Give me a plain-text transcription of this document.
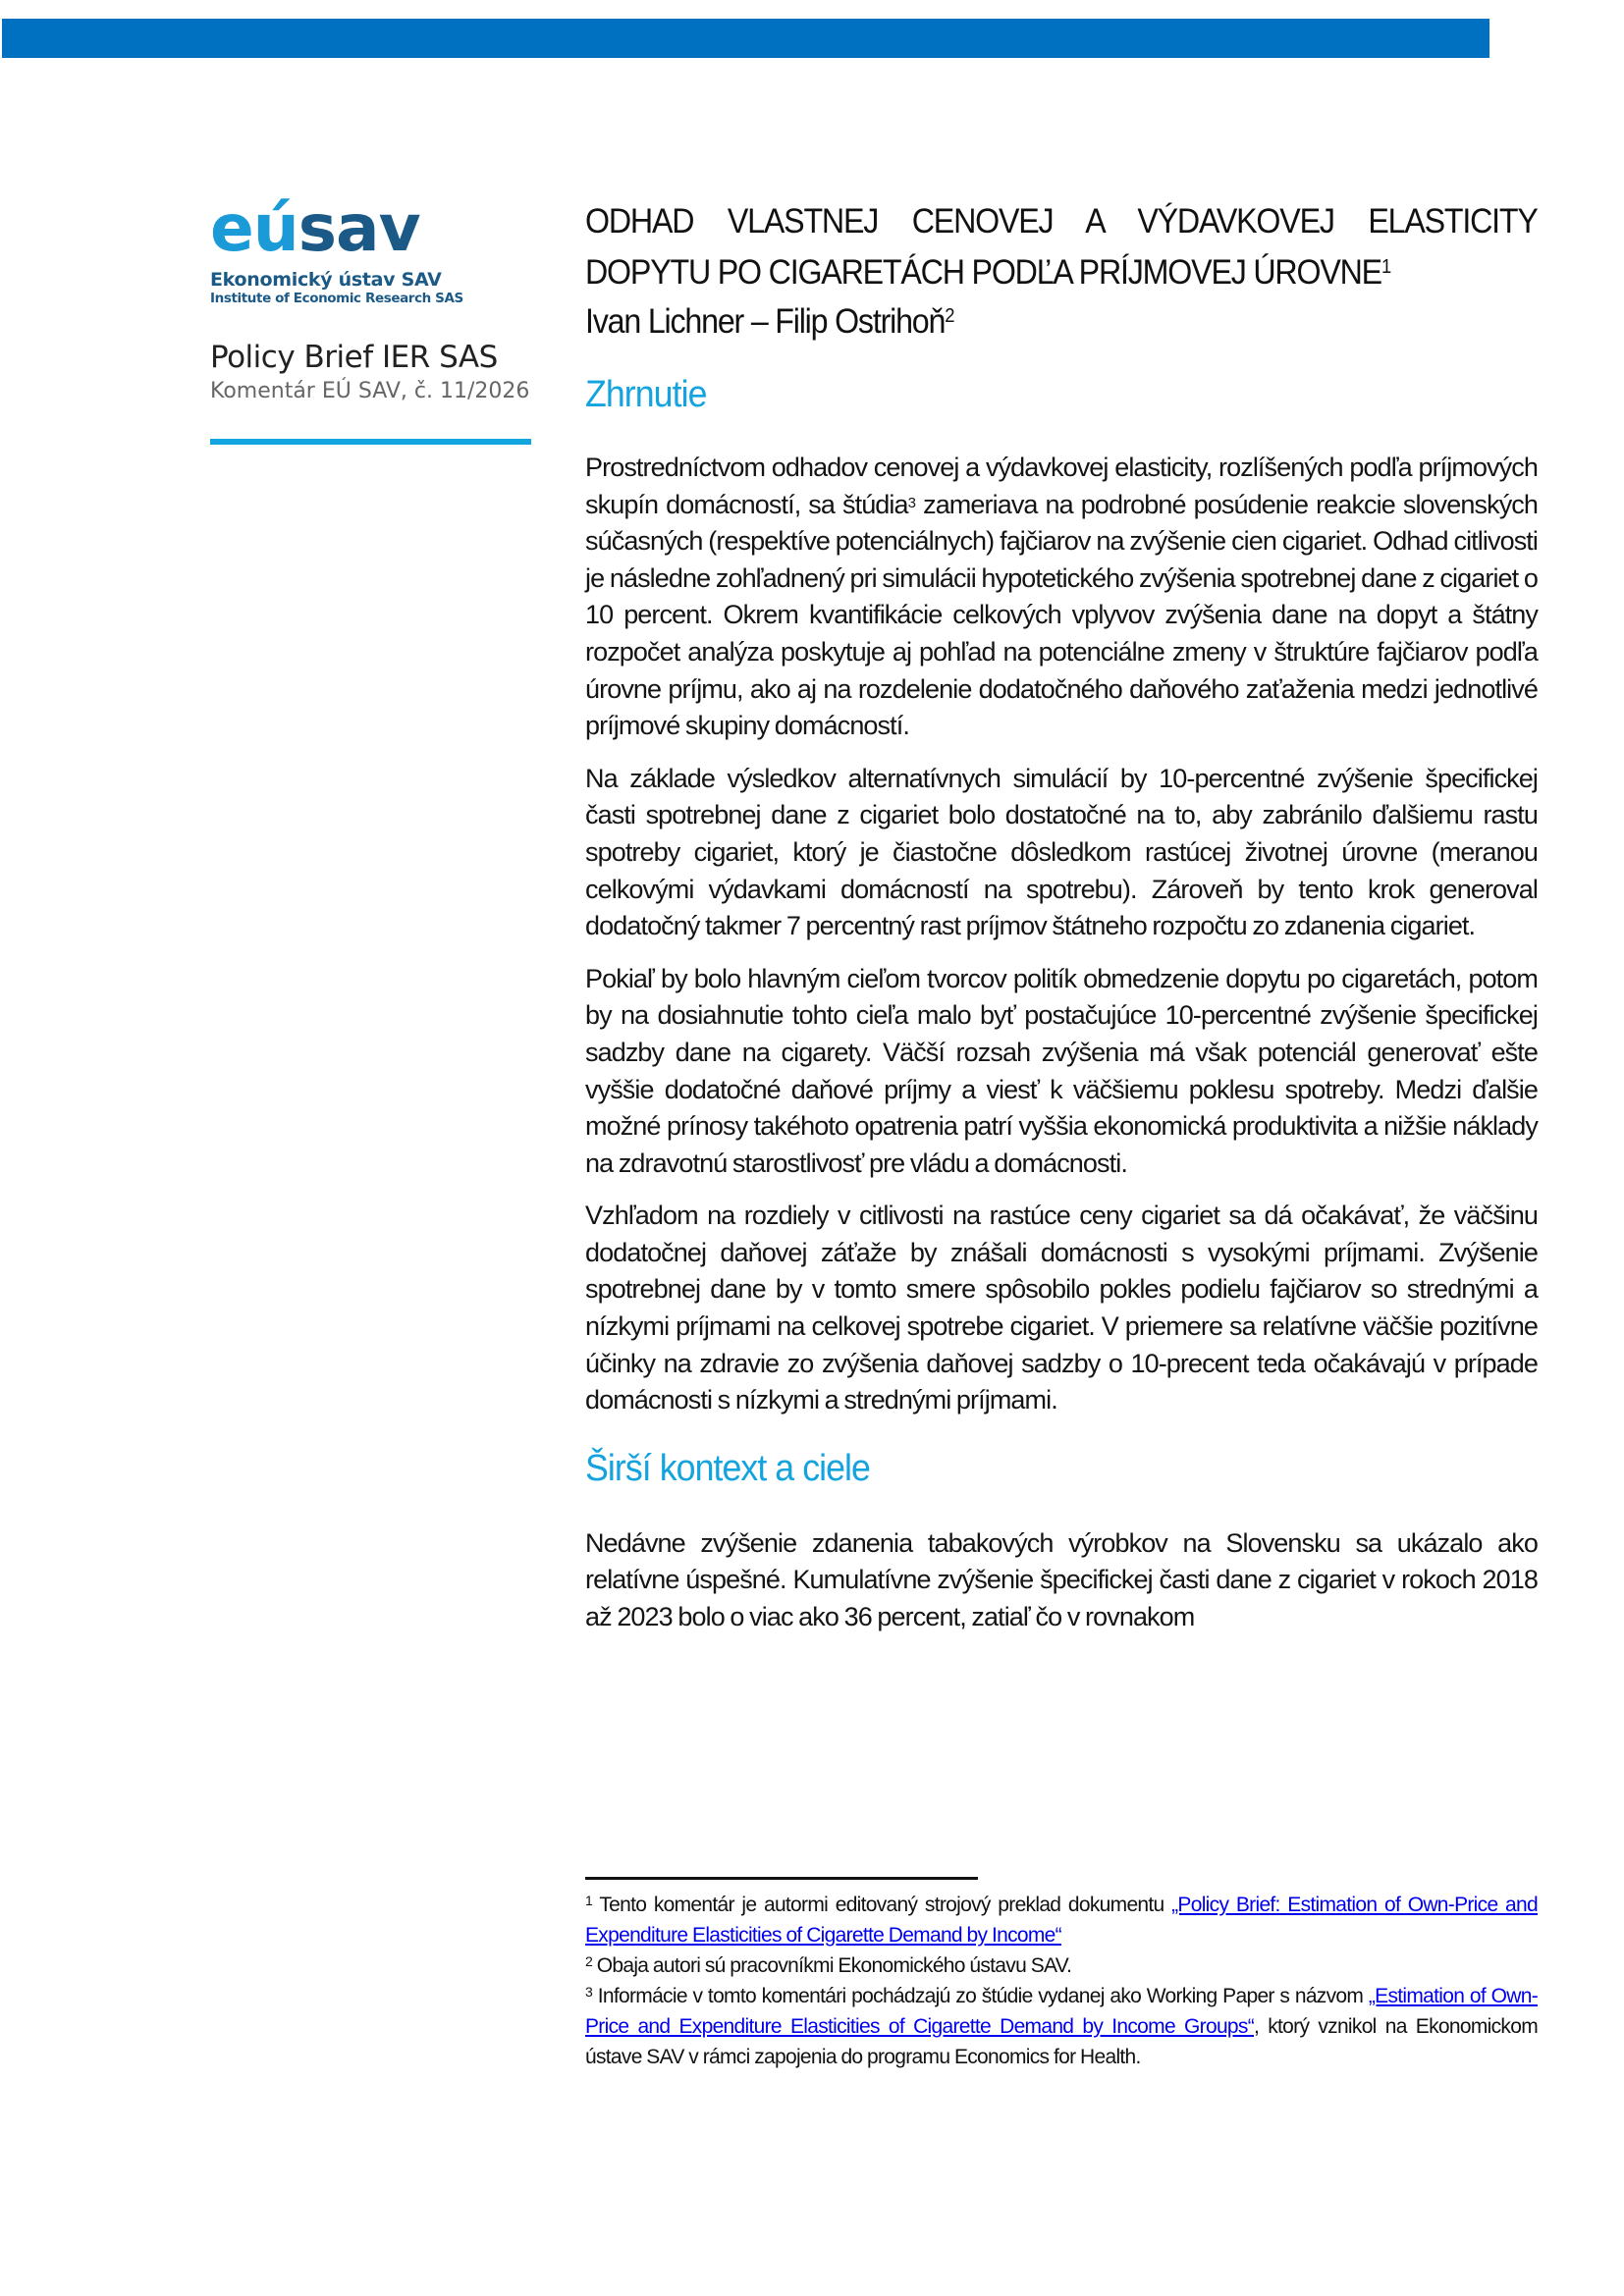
eúsav
Ekonomický ústav SAV
Institute of Economic Research SAS
Policy Brief IER SAS
Komentár EÚ SAV, č. 11/2026
ODHAD VLASTNEJ CENOVEJ A VÝDAVKOVEJ ELASTICITY
DOPYTU PO CIGARETÁCH PODĽA PRÍJMOVEJ ÚROVNE$^1$

Ivan Lichner – Filip Ostrihoň$^2$

Zhrnutie

Prostredníctvom odhadov cenovej a výdavkovej elasticity, rozlíšených podľa príjmových skupín domácností, sa štúdia$^3$ zameriava na podrobné posúdenie reakcie slovenských súčasných (respektíve potenciálnych) fajčiarov na zvýšenie cien cigariet. Odhad citlivosti je následne zohľadnený pri simulácii hypotetického zvýšenia spotrebnej dane z cigariet o 10 percent. Okrem kvantifikácie celkových vplyvov zvýšenia dane na dopyt a štátny rozpočet analýza poskytuje aj pohľad na potenciálne zmeny v štruktúre fajčiarov podľa úrovne príjmu, ako aj na rozdelenie dodatočného daňového zaťaženia medzi jednotlivé príjmové skupiny domácností.

Na základe výsledkov alternatívnych simulácií by 10-percentné zvýšenie špecifickej časti spotrebnej dane z cigariet bolo dostatočné na to, aby zabránilo ďalšiemu rastu spotreby cigariet, ktorý je čiastočne dôsledkom rastúcej životnej úrovne (meranou celkovými výdavkami domácností na spotrebu). Zároveň by tento krok generoval dodatočný takmer 7 percentný rast príjmov štátneho rozpočtu zo zdanenia cigariet.

Pokiaľ by bolo hlavným cieľom tvorcov politík obmedzenie dopytu po cigaretách, potom by na dosiahnutie tohto cieľa malo byť postačujúce 10-percentné zvýšenie špecifickej sadzby dane na cigarety. Väčší rozsah zvýšenia má však potenciál generovať ešte vyššie dodatočné daňové príjmy a viesť k väčšiemu poklesu spotreby. Medzi ďalšie možné prínosy takéhoto opatrenia patrí vyššia ekonomická produktivita a nižšie náklady na zdravotnú starostlivosť pre vládu a domácnosti.

Vzhľadom na rozdiely v citlivosti na rastúce ceny cigariet sa dá očakávať, že väčšinu dodatočnej daňovej záťaže by znášali domácnosti s vysokými príjmami. Zvýšenie spotrebnej dane by v tomto smere spôsobilo pokles podielu fajčiarov so strednými a nízkymi príjmami na celkovej spotrebe cigariet. V priemere sa relatívne väčšie pozitívne účinky na zdravie zo zvýšenia daňovej sadzby o 10-precent teda očakávajú v prípade domácnosti s nízkymi a strednými príjmami.

Širší kontext a ciele

Nedávne zvýšenie zdanenia tabakových výrobkov na Slovensku sa ukázalo ako relatívne úspešné. Kumulatívne zvýšenie špecifickej časti dane z cigariet v rokoch 2018 až 2023 bolo o viac ako 36 percent, zatiaľ čo v rovnakom

$^1$ Tento komentár je autormi editovaný strojový preklad dokumentu „Policy Brief: Estimation of Own-Price and Expenditure Elasticities of Cigarette Demand by Income“

$^2$ Obaja autori sú pracovníkmi Ekonomického ústavu SAV.

$^3$ Informácie v tomto komentári pochádzajú zo štúdie vydanej ako Working Paper s názvom „Estimation of Own-Price and Expenditure Elasticities of Cigarette Demand by Income Groups“, ktorý vznikol na Ekonomickom ústave SAV v rámci zapojenia do programu Economics for Health.
